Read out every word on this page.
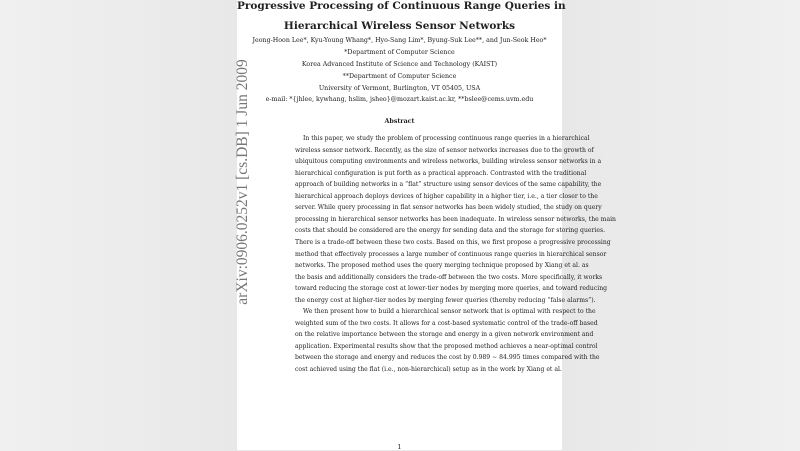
Progressive Processing of Continuous Range Queries in
Hierarchical Wireless Sensor Networks
Jeong-Hoon Lee*, Kyu-Young Whang*, Hyo-Sang Lim*, Byung-Suk Lee**, and Jun-Seok Heo*
*Department of Computer Science
Korea Advanced Institute of Science and Technology (KAIST)
**Department of Computer Science
University of Vermont, Burlington, VT 05405, USA
e-mail: *{jhlee, kywhang, hslim, jsheo}@mozart.kaist.ac.kr, **bslee@cems.uvm.edu
Abstract
In this paper, we study the problem of processing continuous range queries in a hierarchical
wireless sensor network. Recently, as the size of sensor networks increases due to the growth of
ubiquitous computing environments and wireless networks, building wireless sensor networks in a
hierarchical configuration is put forth as a practical approach. Contrasted with the traditional
approach of building networks in a “flat” structure using sensor devices of the same capability, the
hierarchical approach deploys devices of higher capability in a higher tier, i.e., a tier closer to the
server. While query processing in flat sensor networks has been widely studied, the study on query
processing in hierarchical sensor networks has been inadequate. In wireless sensor networks, the main
costs that should be considered are the energy for sending data and the storage for storing queries.
There is a trade-off between these two costs. Based on this, we first propose a progressive processing
method that effectively processes a large number of continuous range queries in hierarchical sensor
networks. The proposed method uses the query merging technique proposed by Xiang et al. as
the basis and additionally considers the trade-off between the two costs. More specifically, it works
toward reducing the storage cost at lower-tier nodes by merging more queries, and toward reducing
the energy cost at higher-tier nodes by merging fewer queries (thereby reducing “false alarms”).
We then present how to build a hierarchical sensor network that is optimal with respect to the
weighted sum of the two costs. It allows for a cost-based systematic control of the trade-off based
on the relative importance between the storage and energy in a given network environment and
application. Experimental results show that the proposed method achieves a near-optimal control
between the storage and energy and reduces the cost by 0.989 ∼ 84.995 times compared with the
cost achieved using the flat (i.e., non-hierarchical) setup as in the work by Xiang et al.
1
arXiv:0906.0252v1 [cs.DB] 1 Jun 2009
